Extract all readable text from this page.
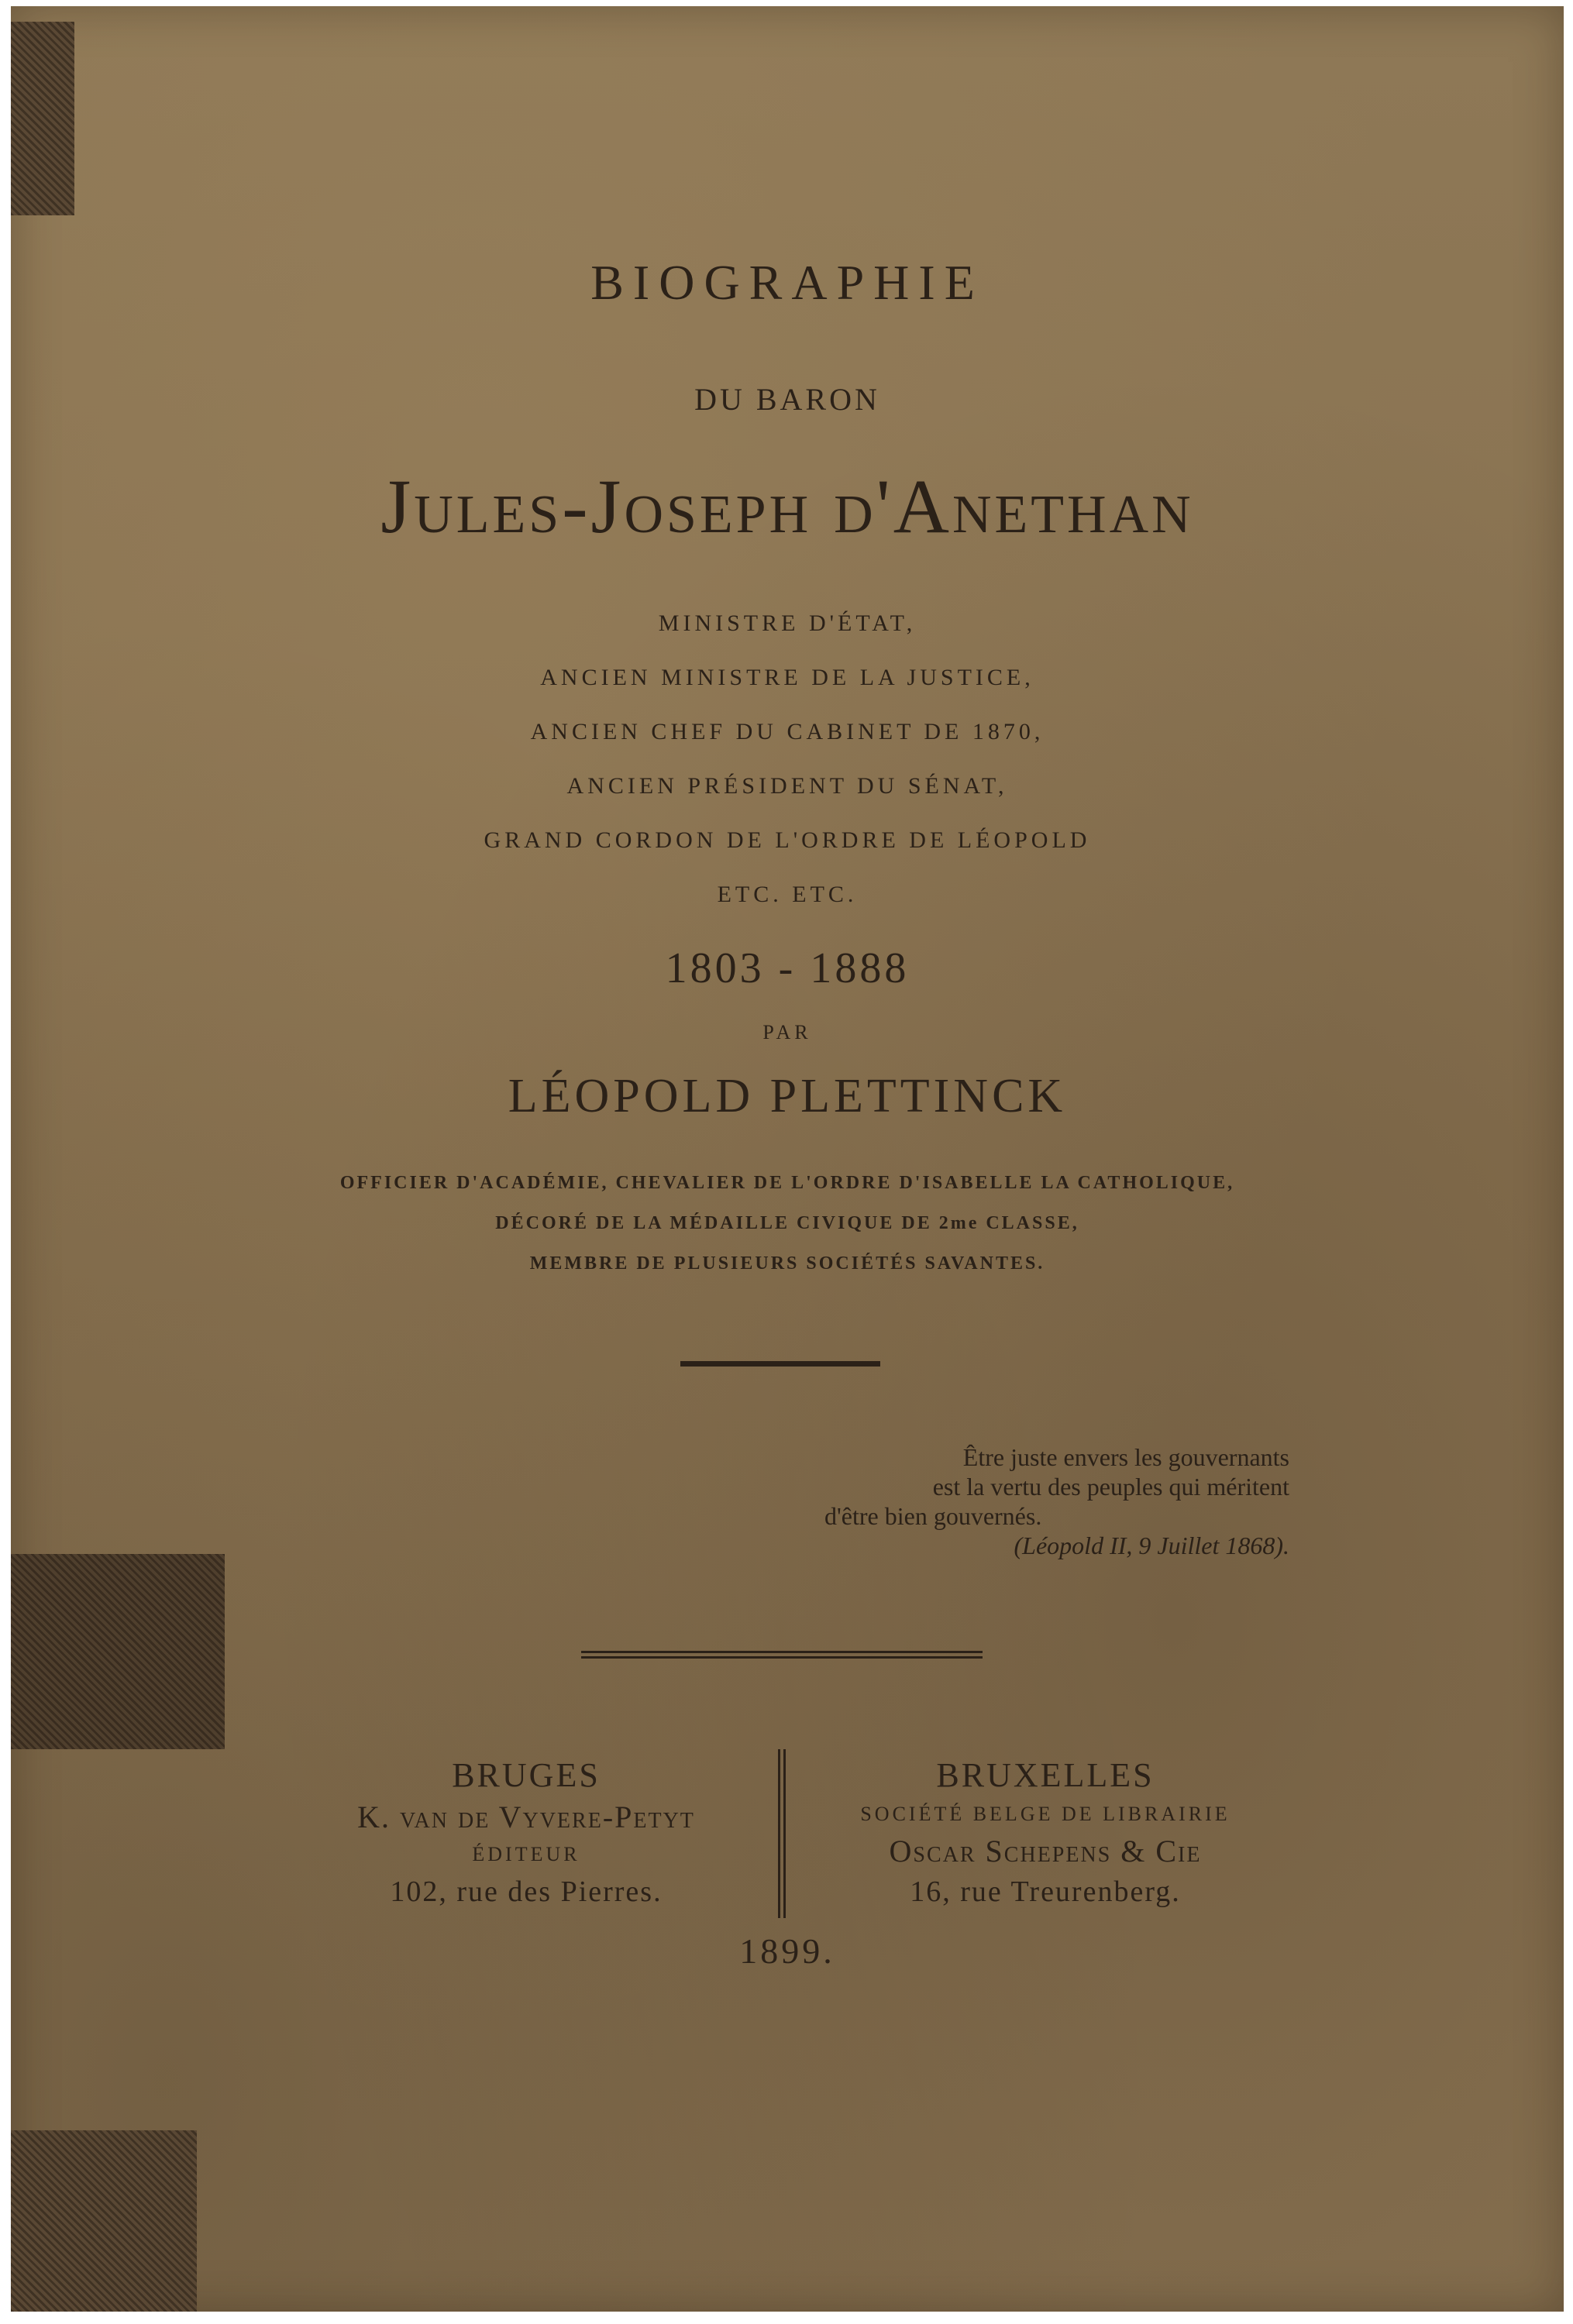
BIOGRAPHIE
DU BARON
Jules-Joseph d'Anethan
MINISTRE D'ÉTAT,
ANCIEN MINISTRE DE LA JUSTICE,
ANCIEN CHEF DU CABINET DE 1870,
ANCIEN PRÉSIDENT DU SÉNAT,
GRAND CORDON DE L'ORDRE DE LÉOPOLD
ETC. ETC.
1803 - 1888
PAR
LÉOPOLD PLETTINCK
OFFICIER D'ACADÉMIE, CHEVALIER DE L'ORDRE D'ISABELLE LA CATHOLIQUE,
DÉCORÉ DE LA MÉDAILLE CIVIQUE DE 2me CLASSE,
MEMBRE DE PLUSIEURS SOCIÉTÉS SAVANTES.
Être juste envers les gouvernants
est la vertu des peuples qui méritent
d'être bien gouvernés.
(Léopold II, 9 Juillet 1868).
BRUGES
K. van de Vyvere-Petyt
ÉDITEUR
102, rue des Pierres.
BRUXELLES
SOCIÉTÉ BELGE DE LIBRAIRIE
Oscar Schepens & Cie
16, rue Treurenberg.
1899.
